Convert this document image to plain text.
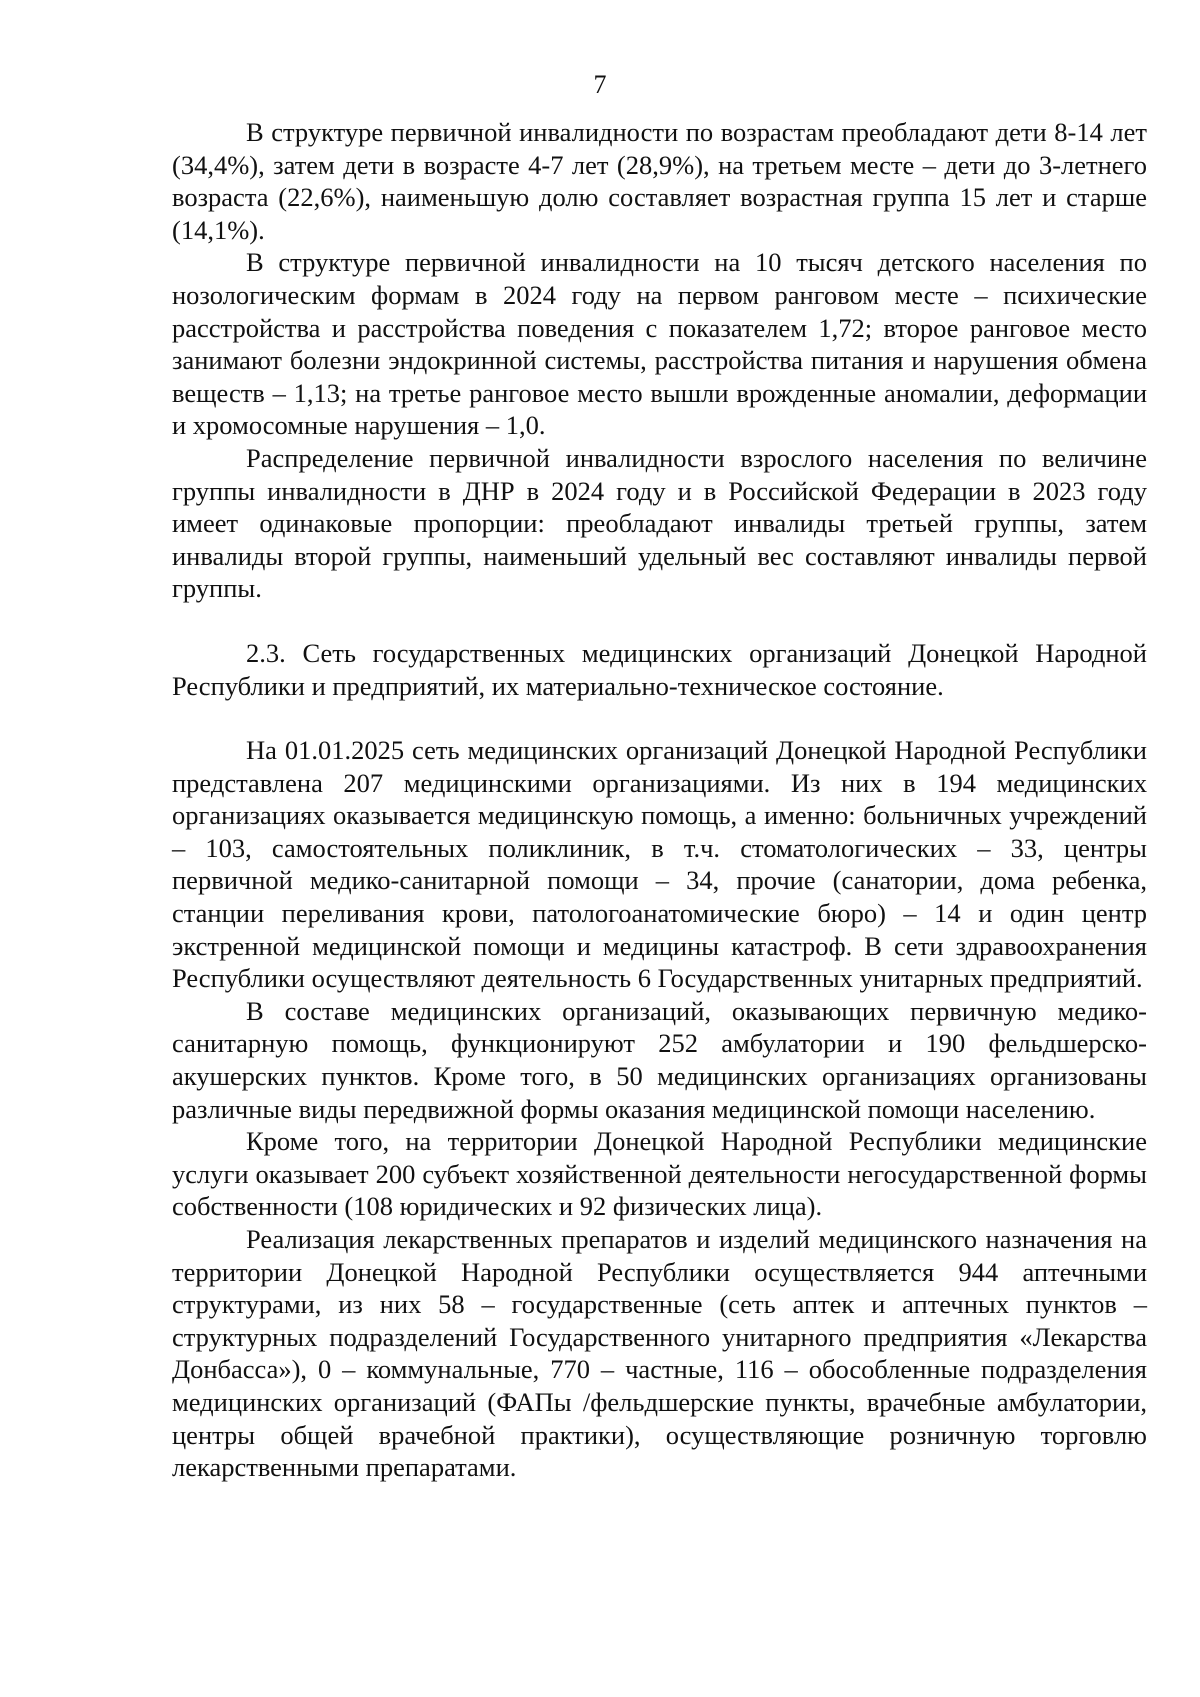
7

В структуре первичной инвалидности по возрастам преобладают дети 8-14 лет (34,4%), затем дети в возрасте 4-7 лет (28,9%), на третьем месте – дети до 3-летнего возраста (22,6%), наименьшую долю составляет возрастная группа 15 лет и старше (14,1%).

В структуре первичной инвалидности на 10 тысяч детского населения по нозологическим формам в 2024 году на первом ранговом месте – психические расстройства и расстройства поведения с показателем 1,72; второе ранговое место занимают болезни эндокринной системы, расстройства питания и нарушения обмена веществ – 1,13; на третье ранговое место вышли врожденные аномалии, деформации и хромосомные нарушения – 1,0.

Распределение первичной инвалидности взрослого населения по величине группы инвалидности в ДНР в 2024 году и в Российской Федерации в 2023 году имеет одинаковые пропорции: преобладают инвалиды третьей группы, затем инвалиды второй группы, наименьший удельный вес составляют инвалиды первой группы.

2.3. Сеть государственных медицинских организаций Донецкой Народной Республики и предприятий, их материально-техническое состояние.

На 01.01.2025 сеть медицинских организаций Донецкой Народной Республики представлена 207 медицинскими организациями. Из них в 194 медицинских организациях оказывается медицинскую помощь, а именно: больничных учреждений – 103, самостоятельных поликлиник, в т.ч. стоматологических – 33, центры первичной медико-санитарной помощи – 34, прочие (санатории, дома ребенка, станции переливания крови, патологоанатомические бюро) – 14 и один центр экстренной медицинской помощи и медицины катастроф. В сети здравоохранения Республики осуществляют деятельность 6 Государственных унитарных предприятий.

В составе медицинских организаций, оказывающих первичную медико-санитарную помощь, функционируют 252 амбулатории и 190 фельдшерско-акушерских пунктов. Кроме того, в 50 медицинских организациях организованы различные виды передвижной формы оказания медицинской помощи населению.

Кроме того, на территории Донецкой Народной Республики медицинские услуги оказывает 200 субъект хозяйственной деятельности негосударственной формы собственности (108 юридических и 92 физических лица).

Реализация лекарственных препаратов и изделий медицинского назначения на территории Донецкой Народной Республики осуществляется 944 аптечными структурами, из них 58 – государственные (сеть аптек и аптечных пунктов – структурных подразделений Государственного унитарного предприятия «Лекарства Донбасса»), 0 – коммунальные, 770 – частные, 116 – обособленные подразделения медицинских организаций (ФАПы /фельдшерские пункты, врачебные амбулатории, центры общей врачебной практики), осуществляющие розничную торговлю лекарственными препаратами.
